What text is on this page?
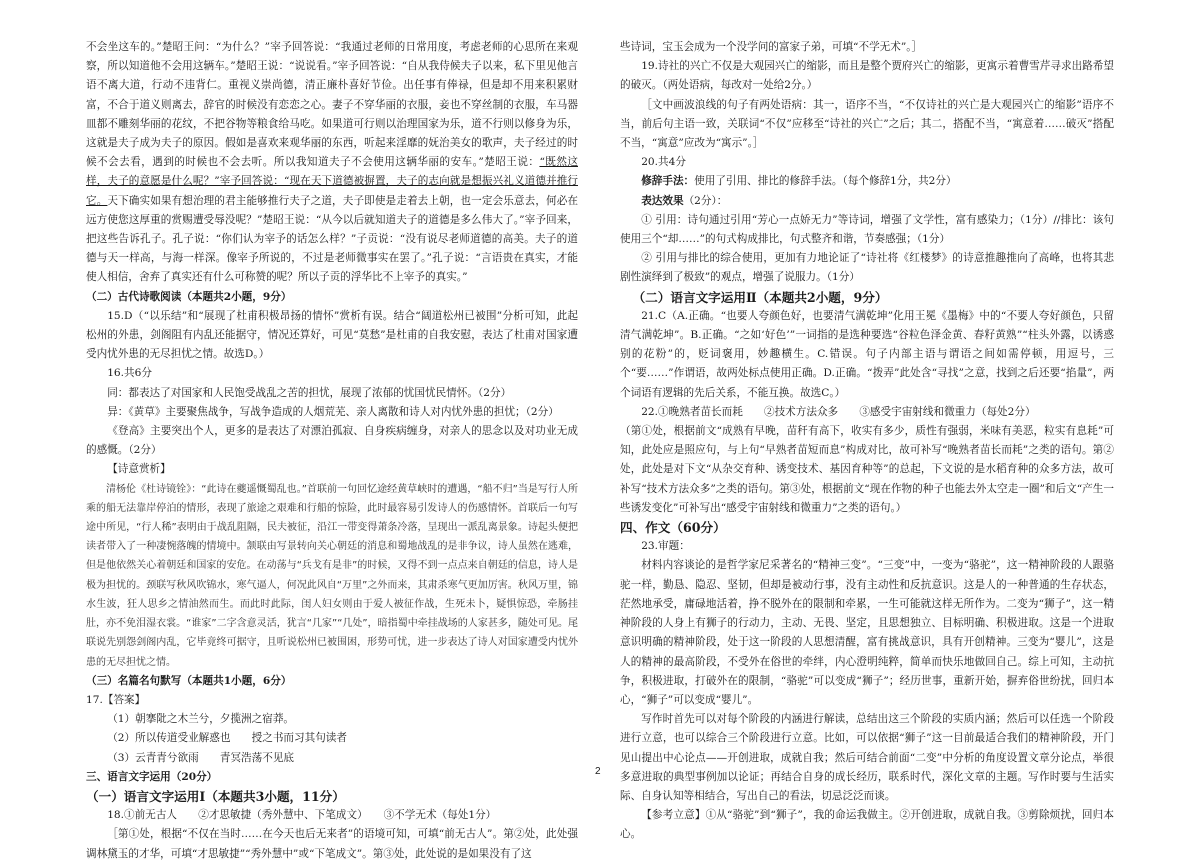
不会坐这车的。”楚昭王问：“为什么？”宰予回答说：“我通过老师的日常用度，考虑老师的心思所在来观察，所以知道他不会用这辆车。”楚昭王说：“说说看。”宰予回答说：“自从我侍候夫子以来，私下里见他言语不离大道，行动不违背仁。重视义崇尚德，清正廉朴喜好节俭。出任事有俸禄，但是却不用来积累财富，不合于道义则离去，辞官的时候没有恋恋之心。妻子不穿华丽的衣服，妾也不穿丝制的衣服，车马器皿都不雕刻华丽的花纹，不把谷物等粮食给马吃。如果道可行则以治理国家为乐，道不行则以修身为乐，这就是夫子成为夫子的原因。假如是喜欢来观华丽的东西，听起来淫靡的妩治美女的歌声，夫子经过的时候不会去看，遇到的时候也不会去听。所以我知道夫子不会使用这辆华丽的安车。”楚昭王说：“既然这样，夫子的意愿是什么呢？”宰予回答说：“现在天下道德被摒置，夫子的志向就是想振兴礼义道德并推行它。天下确实如果有想治理的君主能够推行夫子之道，夫子即使是走着去上朝，也一定会乐意去，何必在远方使您这厚重的赏赐遭受辱没呢？”楚昭王说：“从今以后就知道夫子的道德是多么伟大了。”宰予回来，把这些告诉孔子。孔子说：“你们认为宰予的话怎么样？”子贡说：“没有说尽老师道德的高美。夫子的道德与天一样高，与海一样深。像宰予所说的，不过是老师微事实在罢了。”孔子说：“言语贵在真实，才能使人相信，舍弃了真实还有什么可称赞的呢？所以子贡的浮华比不上宰予的真实。”

（二）古代诗歌阅读（本题共2小题，9分）

15.D（“以乐结”和“展现了杜甫积极昂扬的情怀”赏析有误。结合“阔道松州已被围”分析可知，此起松州的外患，剑阁阻有内乱还能据守，情况还算好，可见“莫愁”是杜甫的自我安慰，表达了杜甫对国家遭受内忧外患的无尽担忧之情。故选D。）

16.共6分

同：都表达了对国家和人民饱受战乱之苦的担忧，展现了浓郁的忧国忧民情怀。（2分）

异：《黄草》主要聚焦战争，写战争造成的人烟荒芜、亲人离散和诗人对内忧外患的担忧；（2分）

《登高》主要突出个人，更多的是表达了对漂泊孤寂、自身疾病缠身，对亲人的思念以及对功业无成的感慨。（2分）

【诗意赏析】

清杨伦《杜诗镜铨》：“此诗在夔遥慨蜀乱也。”首联前一句回忆途经黄草峡时的遭遇，“船不归”当是写行人所乘的船无法靠岸停泊的情形，表现了旅途之艰难和行船的惊险，此时最容易引发诗人的伤感情怀。首联后一句写途中所见，“行人稀”表明由于战乱阻隔，民夫被征，沿江一带变得萧条冷落，呈现出一派乱离景象。诗起头便把读者带入了一种凄惋落魄的情境中。颔联由写景转向关心朝廷的消息和蜀地战乱的是非争议，诗人虽然在逃难，但是他依然关心着朝廷和国家的安危。在动荡与“兵戈有是非”的时候，又得不到一点点来自朝廷的信息，诗人是极为担忧的。颈联写秋风吹锦水，寒气逼人，何况此风自“万里”之外而来，其肃杀寒气更加厉害。秋风万里，锦水生波，狂人思乡之情油然而生。而此时此际，闺人妇女则由于爱人被征作战，生死未卜，疑惧惊恐，牵肠挂肚，亦不免泪湿衣裳。“谁家”二字含意灵活，犹言“几家”“几处”，暗指蜀中牵挂战场的人家甚多，随处可见。尾联说先别怨剑阁内乱，它毕竟终可据守，且听说松州已被围困，形势可忧，进一步表达了诗人对国家遭受内忧外患的无尽担忧之情。

（三）名篇名句默写（本题共1小题，6分）

17.【答案】

（1）朝搴阰之木兰兮，夕揽洲之宿莽。

（2）所以传道受业解惑也　　授之书而习其句读者

（3）云青青兮欲雨　　青冥浩荡不见底

三、语言文字运用（20分）

（一）语言文字运用Ⅰ（本题共3小题，11分）

18.①前无古人　　②才思敏捷（秀外慧中、下笔成文）　　③不学无术（每处1分）

［第①处，根据“不仅在当时……在今天也后无来者”的语境可知，可填“前无古人”。第②处，此处强调林黛玉的才华，可填“才思敏捷”“秀外慧中”或“下笔成文”。第③处，此处说的是如果没有了这

些诗词，宝玉会成为一个没学问的富家子弟，可填“不学无术”。］

19.诗社的兴亡不仅是大观园兴亡的缩影，而且是整个贾府兴亡的缩影，更寓示着曹雪芹寻求出路希望的破灭。（两处语病，每改对一处给2分。）

［文中画波浪线的句子有两处语病：其一，语序不当，“不仅诗社的兴亡是大观园兴亡的缩影”语序不当，前后句主语一致，关联词“不仅”应移至“诗社的兴亡”之后；其二，搭配不当，“寓意着……破灭”搭配不当，“寓意”应改为“寓示”。］

20.共4分

修辞手法：使用了引用、排比的修辞手法。（每个修辞1分，共2分）

表达效果（2分）：

① 引用：诗句通过引用“芳心一点娇无力”等诗词，增强了文学性，富有感染力；（1分）//排比：该句使用三个“却……”的句式构成排比，句式整齐和谐，节奏感强；（1分）

② 引用与排比的综合使用，更加有力地论证了“诗社将《红楼梦》的诗意推趣推向了高峰，也将其悲剧性演绎到了极致”的观点，增强了说服力。（1分）

（二）语言文字运用Ⅱ（本题共2小题，9分）

21.C（A.正确。“也要人夸颜色好，也要清气满乾坤”化用王冕《墨梅》中的“不要人夸好颜色，只留清气满乾坤”。B.正确。“之如‘好色’”一词指的是选种要选“谷粒色泽金黄、春籽黄熟”“柱头外露，以诱惑别的花粉”的，贬词褒用，妙趣横生。C.错误。句子内部主语与谓语之间如需停顿，用逗号，三个“要……”作谓语，故两处标点使用正确。D.正确。“拨弄”此处含“寻找”之意，找到之后还要“掐量”，两个词语有逻辑的先后关系，不能互换。故选C。）

22.①晚熟者苗长而耗　　②技术方法众多　　③感受宇宙射线和微重力（每处2分）

（第①处，根据前文“成熟有早晚，苗秆有高下，收实有多少，质性有强弱，米味有美恶，粒实有息耗”可知，此处应是照应句，与上句“早熟者苗短而息”构成对比，故可补写“晚熟者苗长而耗”之类的语句。第②处，此处是对下文“从杂交育种、诱变技术、基因育种等”的总起，下文说的是水稻育种的众多方法，故可补写“技术方法众多”之类的语句。第③处，根据前文“现在作物的种子也能去外太空走一圈”和后文“产生一些诱发变化”可补写出“感受宇宙射线和微重力”之类的语句。）

四、作文（60分）

23.审题：

材料内容谈论的是哲学家尼采著名的“精神三变”。“三变”中，一变为“骆驼”，这一精神阶段的人跟骆驼一样，勤恳、隐忍、坚韧，但却是被动行事，没有主动性和反抗意识。这是人的一种普通的生存状态，茫然地承受，庸碌地活着，挣不脱外在的限制和牵累，一生可能就这样无所作为。二变为“狮子”，这一精神阶段的人身上有狮子的行动力，主动、无畏、坚定，且思想独立、目标明确、积极进取。这是一个进取意识明确的精神阶段，处于这一阶段的人思想清醒，富有挑战意识，具有开创精神。三变为“婴儿”，这是人的精神的最高阶段，不受外在俗世的牵绊，内心澄明纯粹，简单而快乐地做回自己。综上可知，主动抗争，积极进取，打破外在的限制，“骆驼”可以变成“狮子”；经历世事，重新开始，摒弃俗世纷扰，回归本心，“狮子”可以变成“婴儿”。

写作时首先可以对每个阶段的内涵进行解读，总结出这三个阶段的实质内涵；然后可以任选一个阶段进行立意，也可以综合三个阶段进行立意。比如，可以依据“狮子”这一目前最适合我们的精神阶段，开门见山提出中心论点——开创进取，成就自我；然后可结合前面“二变”中分析的角度设置文章分论点，举很多意进取的典型事例加以论证；再结合自身的成长经历，联系时代，深化文章的主题。写作时要与生活实际、自身认知等相结合，写出自己的看法，切忌泛泛而谈。

【参考立意】①从“骆驼”到“狮子”，我的命运我做主。②开创进取，成就自我。③剪除烦扰，回归本心。

2
